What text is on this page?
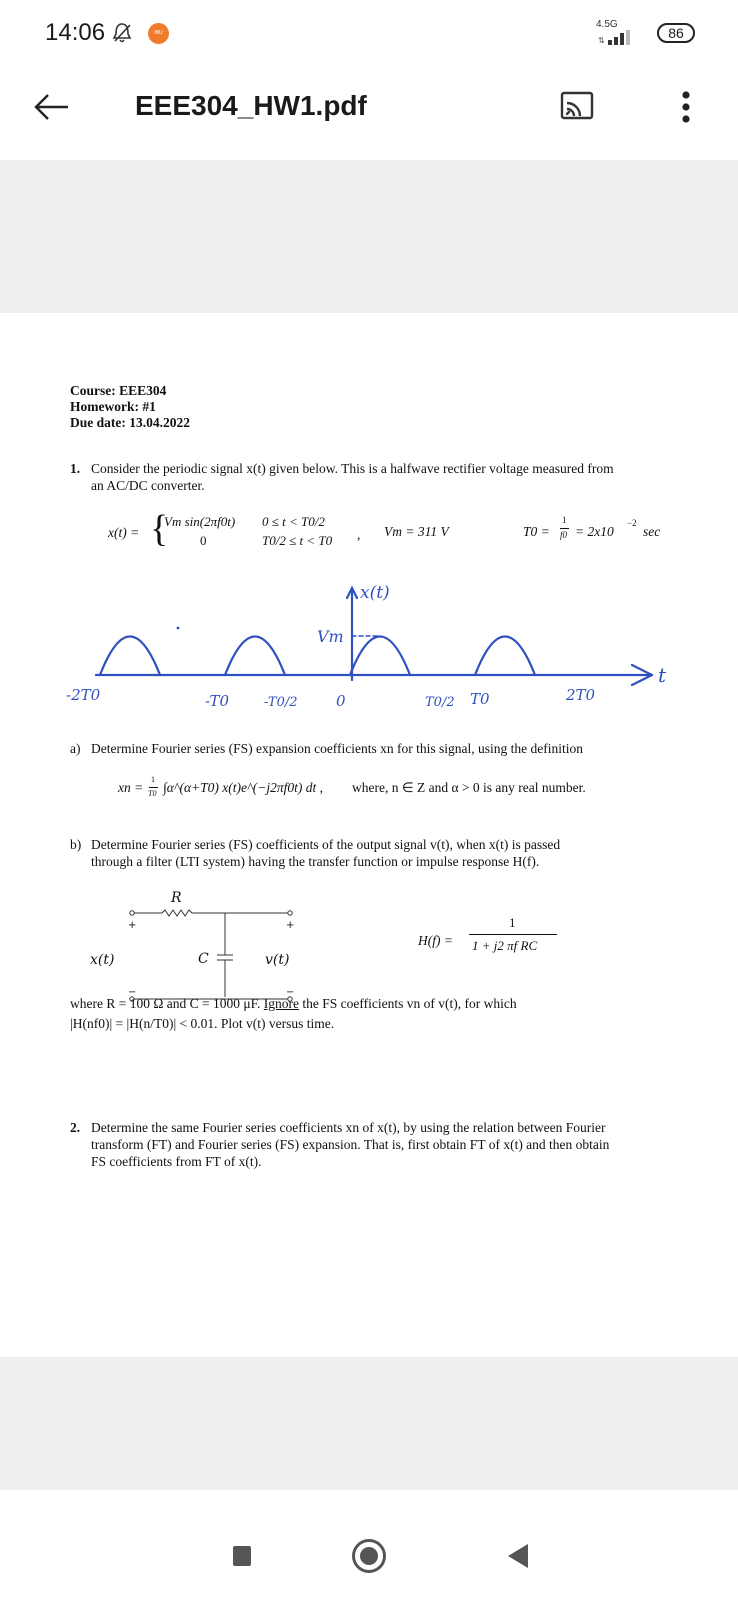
14:06	IBU
4.5G
⇅	86
EEE304_HW1.pdf
Course: EEE304
Homework: #1
Due date: 13.04.2022
1. Consider the periodic signal x(t) given below. This is a halfwave rectifier voltage measured from
an AC/DC converter.
x(t) = {
Vm sin(2πf0t) 0 ≤ t < T0/2
0	T0/2 ≤ t < T0 , Vm = 311 V	T0 =
1
f0 = 2x10
−2
sec
x(t)
Vm
t
-2T0	-T0	-T0/2	0	T0/2 T0	2T0
a) Determine Fourier series (FS) expansion coefficients xn for this signal, using the definition
xn =
1
T0 ∫α^(α+T0) x(t)e^(−j2πf0t) dt , where, n ∈ Z and α > 0 is any real number.
b) Determine Fourier series (FS) coefficients of the output signal v(t), when x(t) is passed
through a filter (LTI system) having the transfer function or impulse response H(f).
R
+	+
−	−
C
x(t)	v(t)
H(f) =
1
1 + j2 πf RC
where R = 100 Ω and C = 1000 μF. Ignore the FS coefficients vn of v(t), for which
|H(nf0)| = |H(n/T0)| < 0.01. Plot v(t) versus time.
2. Determine the same Fourier series coefficients xn of x(t), by using the relation between Fourier
transform (FT) and Fourier series (FS) expansion. That is, first obtain FT of x(t) and then obtain
FS coefficients from FT of x(t).
